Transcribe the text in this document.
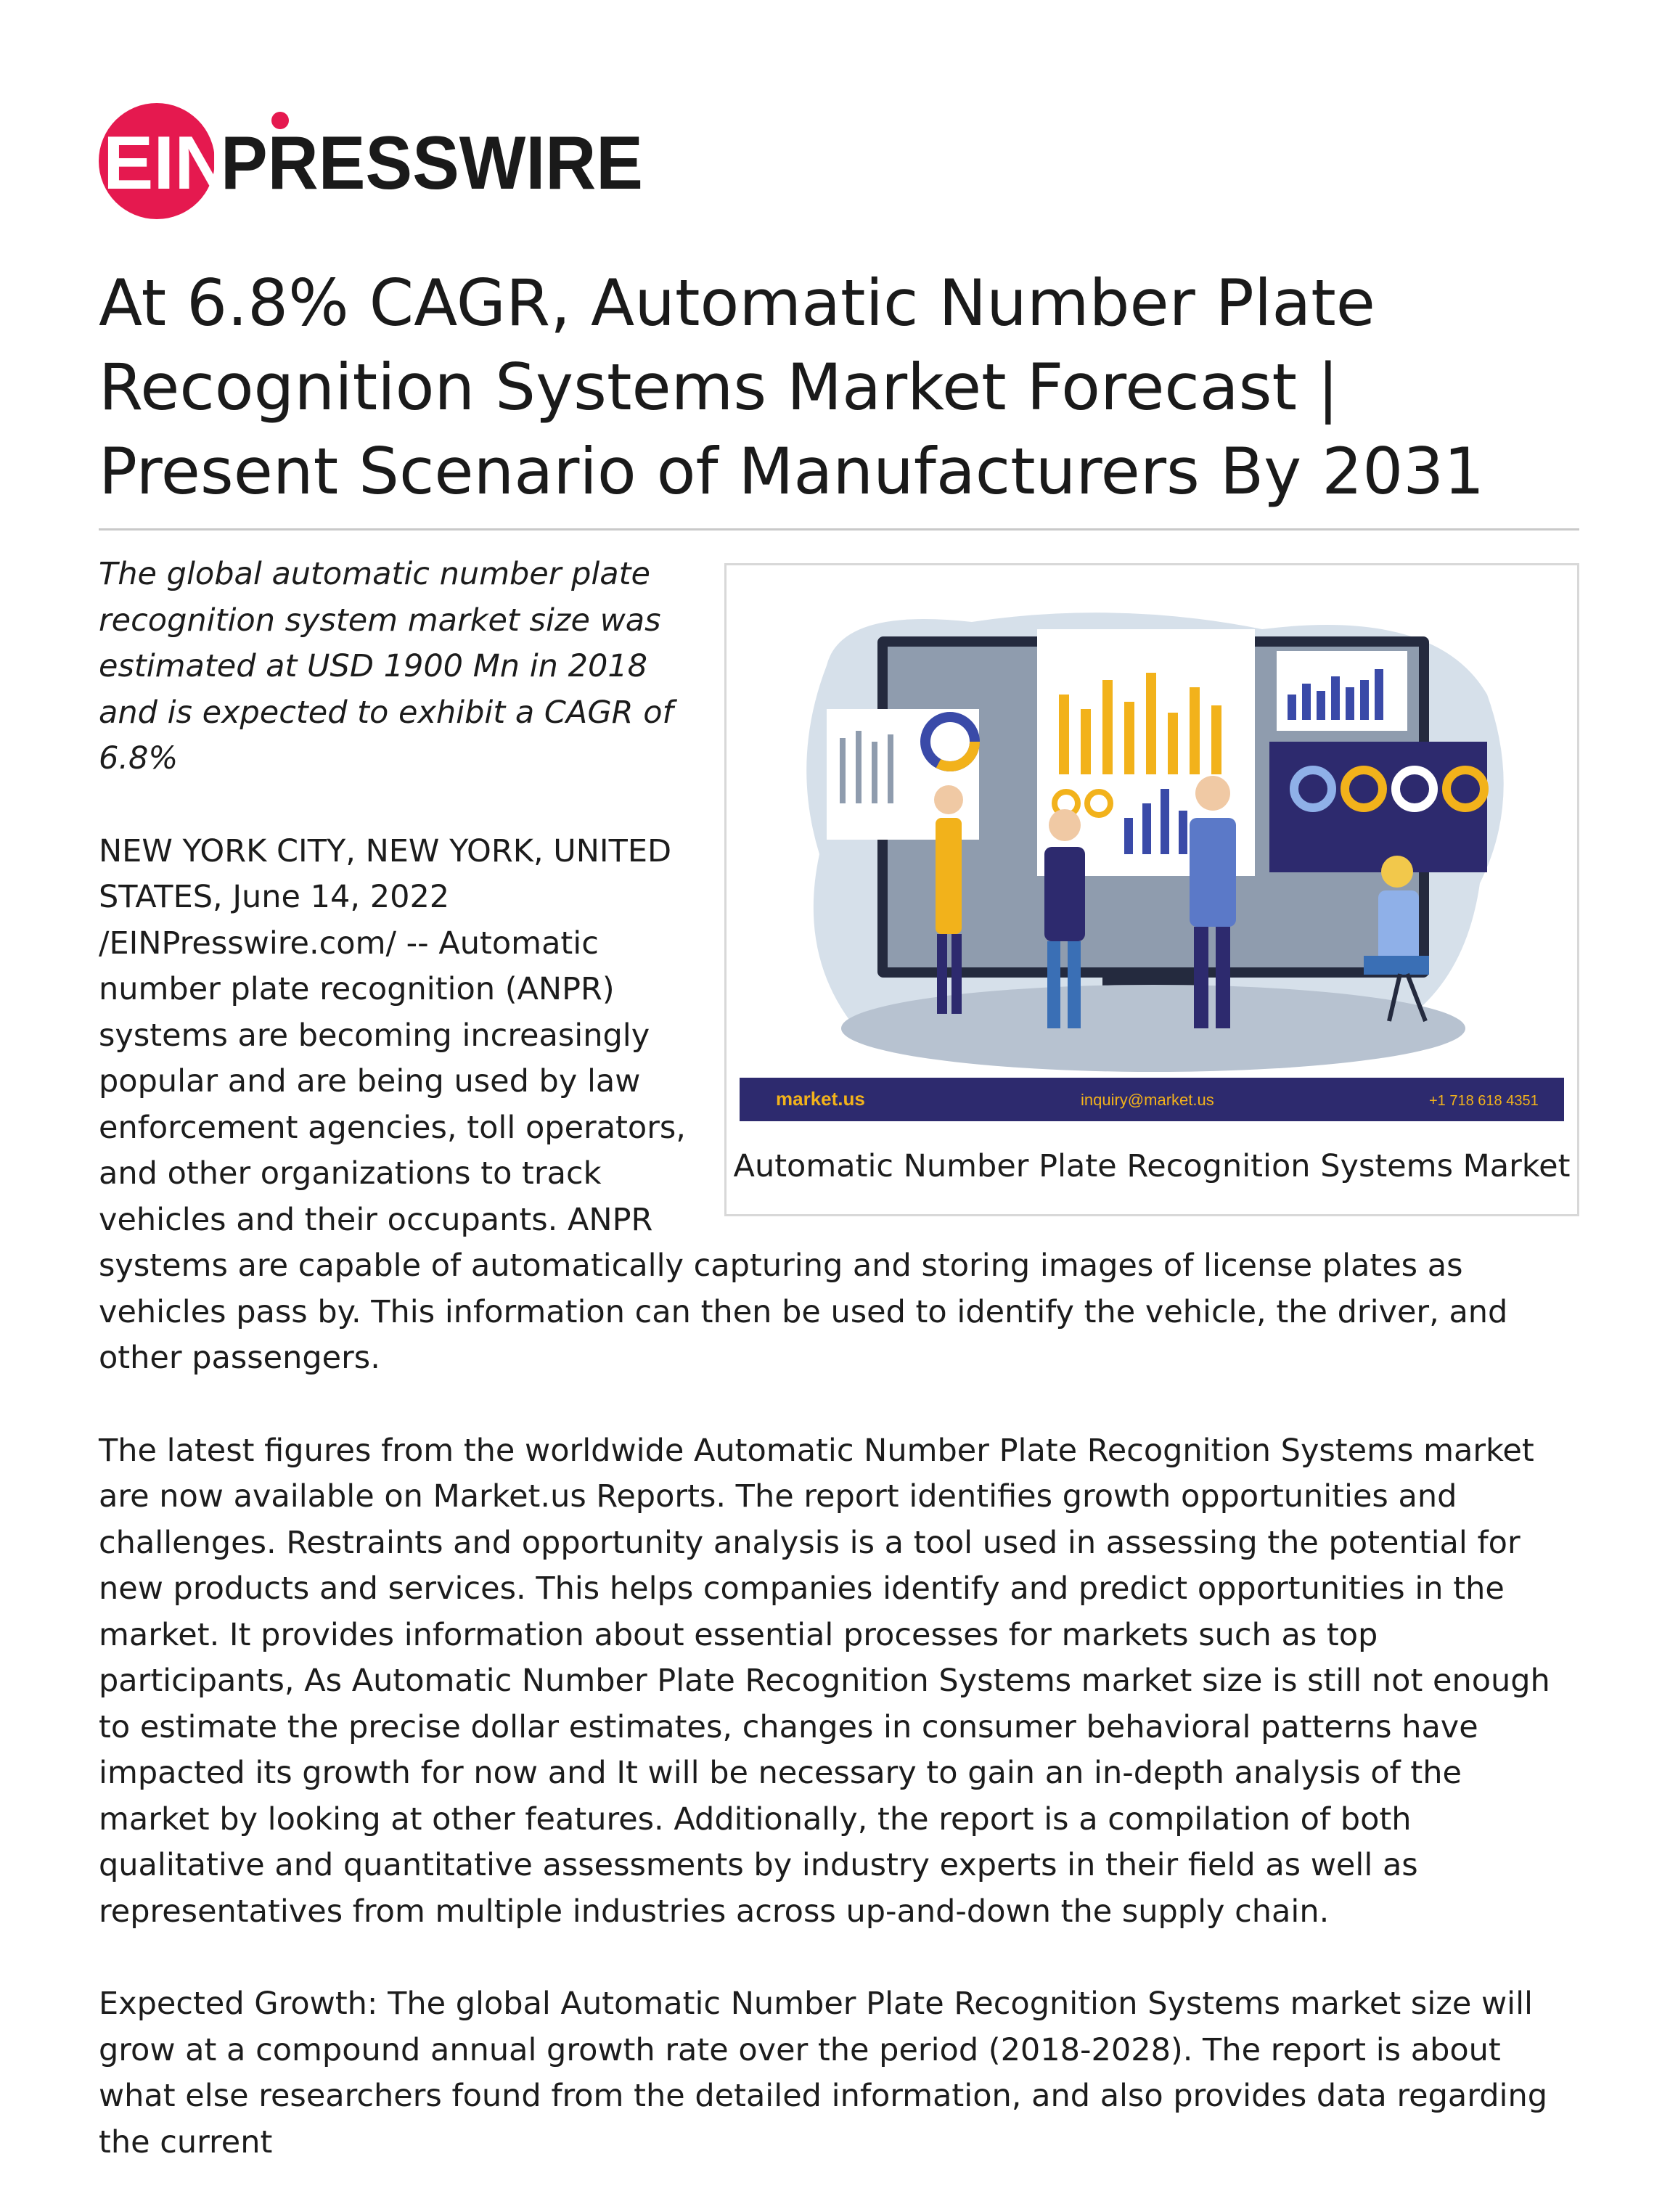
EIN
PRESSWIRE
At 6.8% CAGR, Automatic Number Plate Recognition Systems Market Forecast | Present Scenario of Manufacturers By 2031
market.us	inquiry@market.us	+1 718 618 4351
Automatic Number Plate Recognition Systems Market

The global automatic number plate recognition system market size was estimated at USD 1900 Mn in 2018 and is expected to exhibit a CAGR of 6.8%

NEW YORK CITY, NEW YORK, UNITED STATES, June 14, 2022 /EINPresswire.com/ -- Automatic number plate recognition (ANPR) systems are becoming increasingly popular and are being used by law enforcement agencies, toll operators, and other organizations to track vehicles and their occupants. ANPR systems are capable of automatically capturing and storing images of license plates as vehicles pass by. This information can then be used to identify the vehicle, the driver, and other passengers.

The latest figures from the worldwide Automatic Number Plate Recognition Systems market are now available on Market.us Reports. The report identifies growth opportunities and challenges. Restraints and opportunity analysis is a tool used in assessing the potential for new products and services. This helps companies identify and predict opportunities in the market. It provides information about essential processes for markets such as top participants, As Automatic Number Plate Recognition Systems market size is still not enough to estimate the precise dollar estimates, changes in consumer behavioral patterns have impacted its growth for now and It will be necessary to gain an in-depth analysis of the market by looking at other features. Additionally, the report is a compilation of both qualitative and quantitative assessments by industry experts in their field as well as representatives from multiple industries across up-and-down the supply chain.

Expected Growth: The global Automatic Number Plate Recognition Systems market size will grow at a compound annual growth rate over the period (2018-2028). The report is about what else researchers found from the detailed information, and also provides data regarding the current
